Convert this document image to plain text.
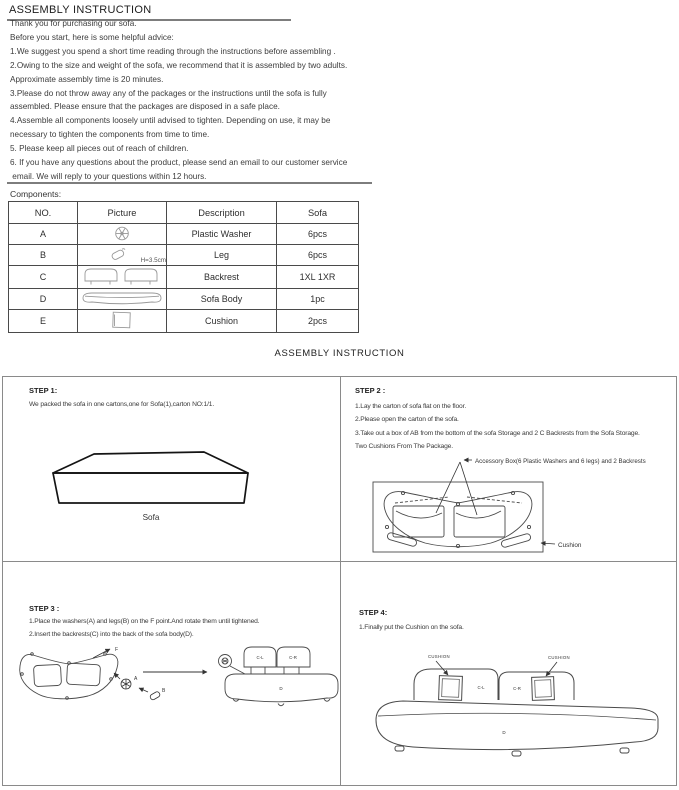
ASSEMBLY INSTRUCTION
Thank you for purchasing our sofa.
Before you start, here is some helpful advice:
1.We suggest you spend a short time reading through the instructions before assembling .
2.Owing to the size and weight of the sofa, we recommend that it is assembled by two adults.
Approximate assembly time is 20 minutes.
3.Please do not throw away any of the packages or the instructions until the sofa is fully
assembled. Please ensure that the packages are disposed in a safe place.
4.Assemble all components loosely until advised to tighten. Depending on use, it may be
necessary to tighten the components from time to time.
5. Please keep all pieces out of reach of children.
6. If you have any questions about the product, please send an email to our customer service
email. We will reply to your questions within 12 hours.
Components:
NO.	Picture	Description	Sofa
A		Plastic Washer	6pcs
B	H=3.5cm	Leg	6pcs
C		Backrest	1XL 1XR
D		Sofa Body	1pc
E		Cushion	2pcs
ASSEMBLY INSTRUCTION
STEP 1:
We packed the sofa in one cartons,one for Sofa(1),carton NO:1/1.
Sofa
STEP 2 :
1.Lay the carton of sofa flat on the floor.
2.Please open the carton of the sofa.
3.Take out a box of AB from the bottom of the sofa Storage and 2 C Backrests from the Sofa Storage.
Two Cushions From The Package.
Accessory Box(6 Plastic Washers and 6 legs) and 2 Backrests
Cushion
STEP 3 :
1.Place the washers(A) and legs(B) on the F point.And rotate them until tightened.
2.Insert the backrests(C) into the back of the sofa body(D).
F
A
B
C-L	C-R
D
STEP 4:
1.Finally put the Cushion on the sofa.
CUSHION	CUSHION
C-L	C-R
D
